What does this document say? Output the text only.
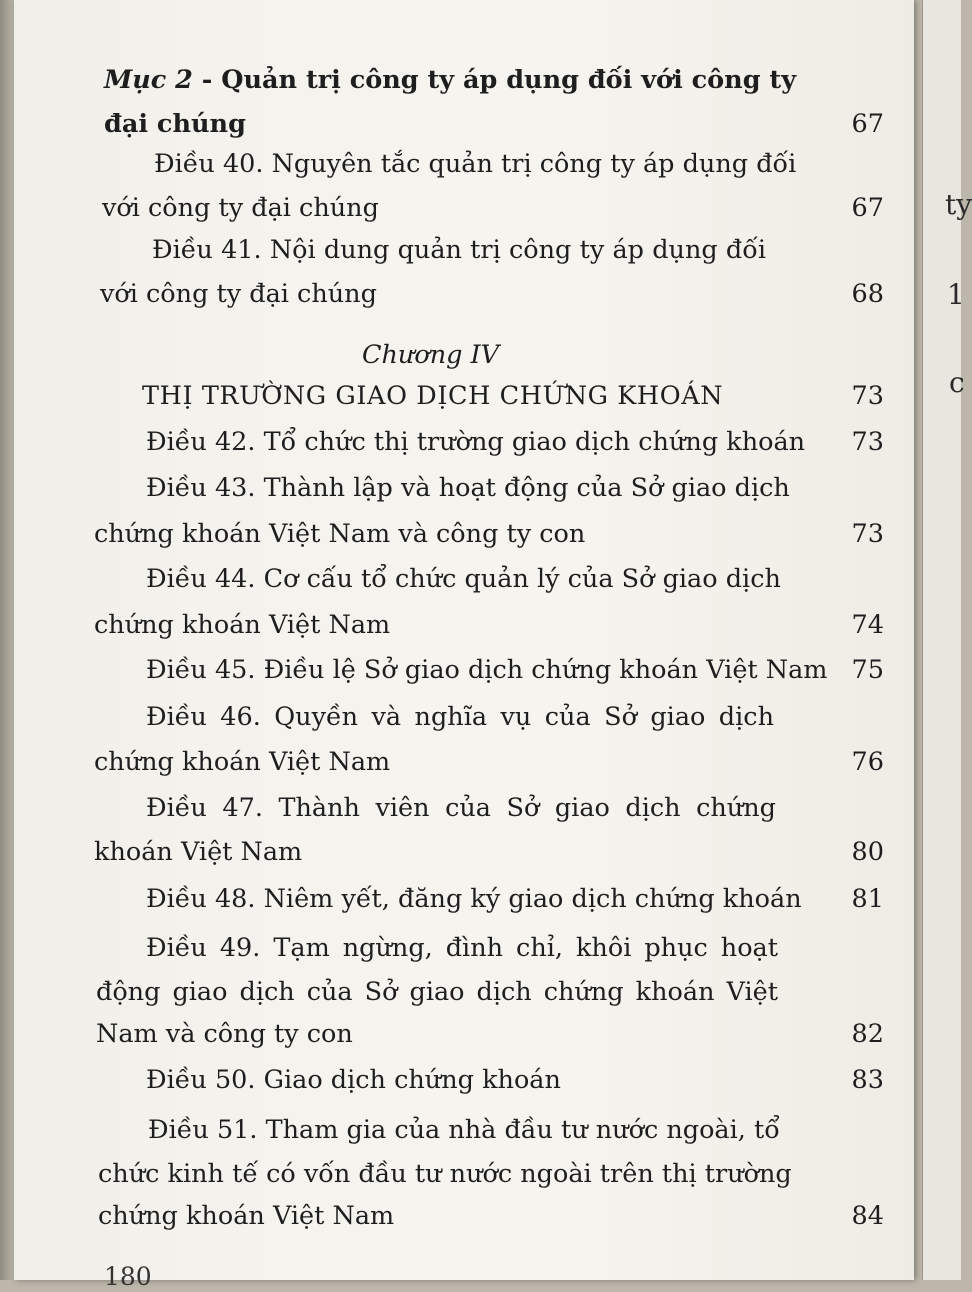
Mục 2 - Quản trị công ty áp dụng đối với công ty
đại chúng	67
Điều 40. Nguyên tắc quản trị công ty áp dụng đối
với công ty đại chúng	67
Điều 41. Nội dung quản trị công ty áp dụng đối
với công ty đại chúng	68
Chương IV
THỊ TRƯỜNG GIAO DỊCH CHỨNG KHOÁN	73
Điều 42. Tổ chức thị trường giao dịch chứng khoán 73
Điều 43. Thành lập và hoạt động của Sở giao dịch
chứng khoán Việt Nam và công ty con	73
Điều 44. Cơ cấu tổ chức quản lý của Sở giao dịch
chứng khoán Việt Nam	74
Điều 45. Điều lệ Sở giao dịch chứng khoán Việt Nam 75
Điều 46. Quyền và nghĩa vụ của Sở giao dịch
chứng khoán Việt Nam	76
Điều 47. Thành viên của Sở giao dịch chứng
khoán Việt Nam	80
Điều 48. Niêm yết, đăng ký giao dịch chứng khoán 81
Điều 49. Tạm ngừng, đình chỉ, khôi phục hoạt
động giao dịch của Sở giao dịch chứng khoán Việt
Nam và công ty con	82
Điều 50. Giao dịch chứng khoán	83
Điều 51. Tham gia của nhà đầu tư nước ngoài, tổ
chức kinh tế có vốn đầu tư nước ngoài trên thị trường
chứng khoán Việt Nam	84
180
ty
1
c
